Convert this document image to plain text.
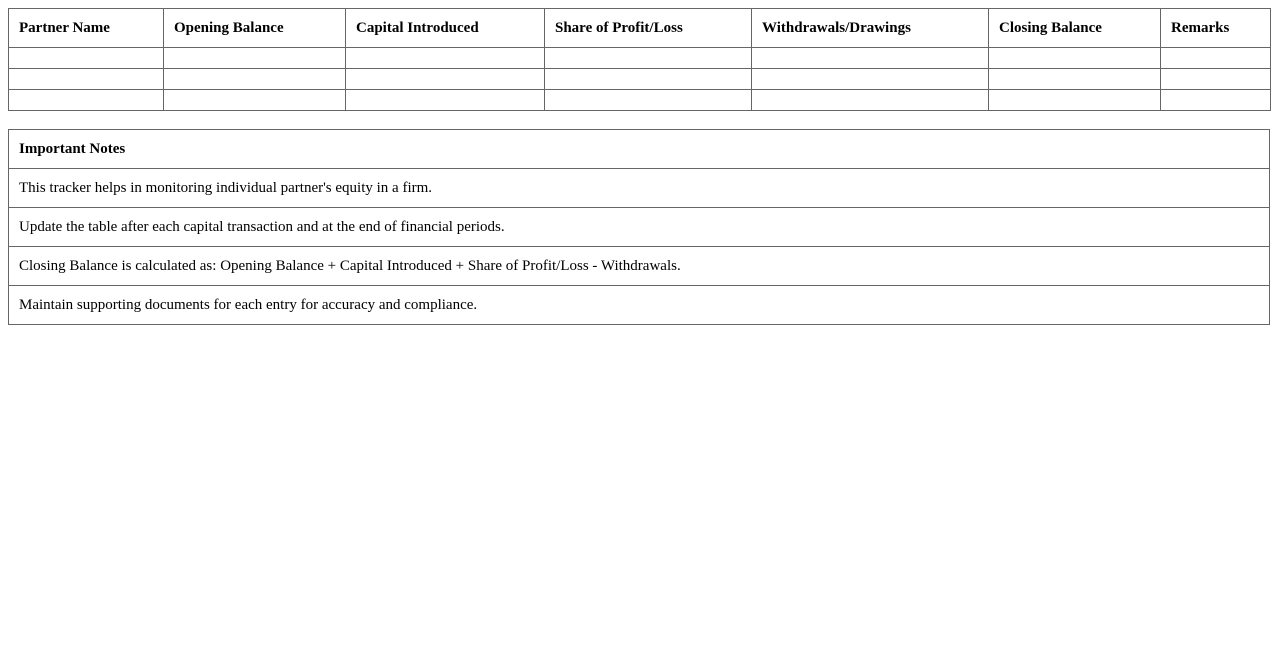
Partner Name	Opening Balance	Capital Introduced	Share of Profit/Loss	Withdrawals/Drawings	Closing Balance	Remarks

Important Notes
This tracker helps in monitoring individual partner's equity in a firm.
Update the table after each capital transaction and at the end of financial periods.
Closing Balance is calculated as: Opening Balance + Capital Introduced + Share of Profit/Loss - Withdrawals.
Maintain supporting documents for each entry for accuracy and compliance.
